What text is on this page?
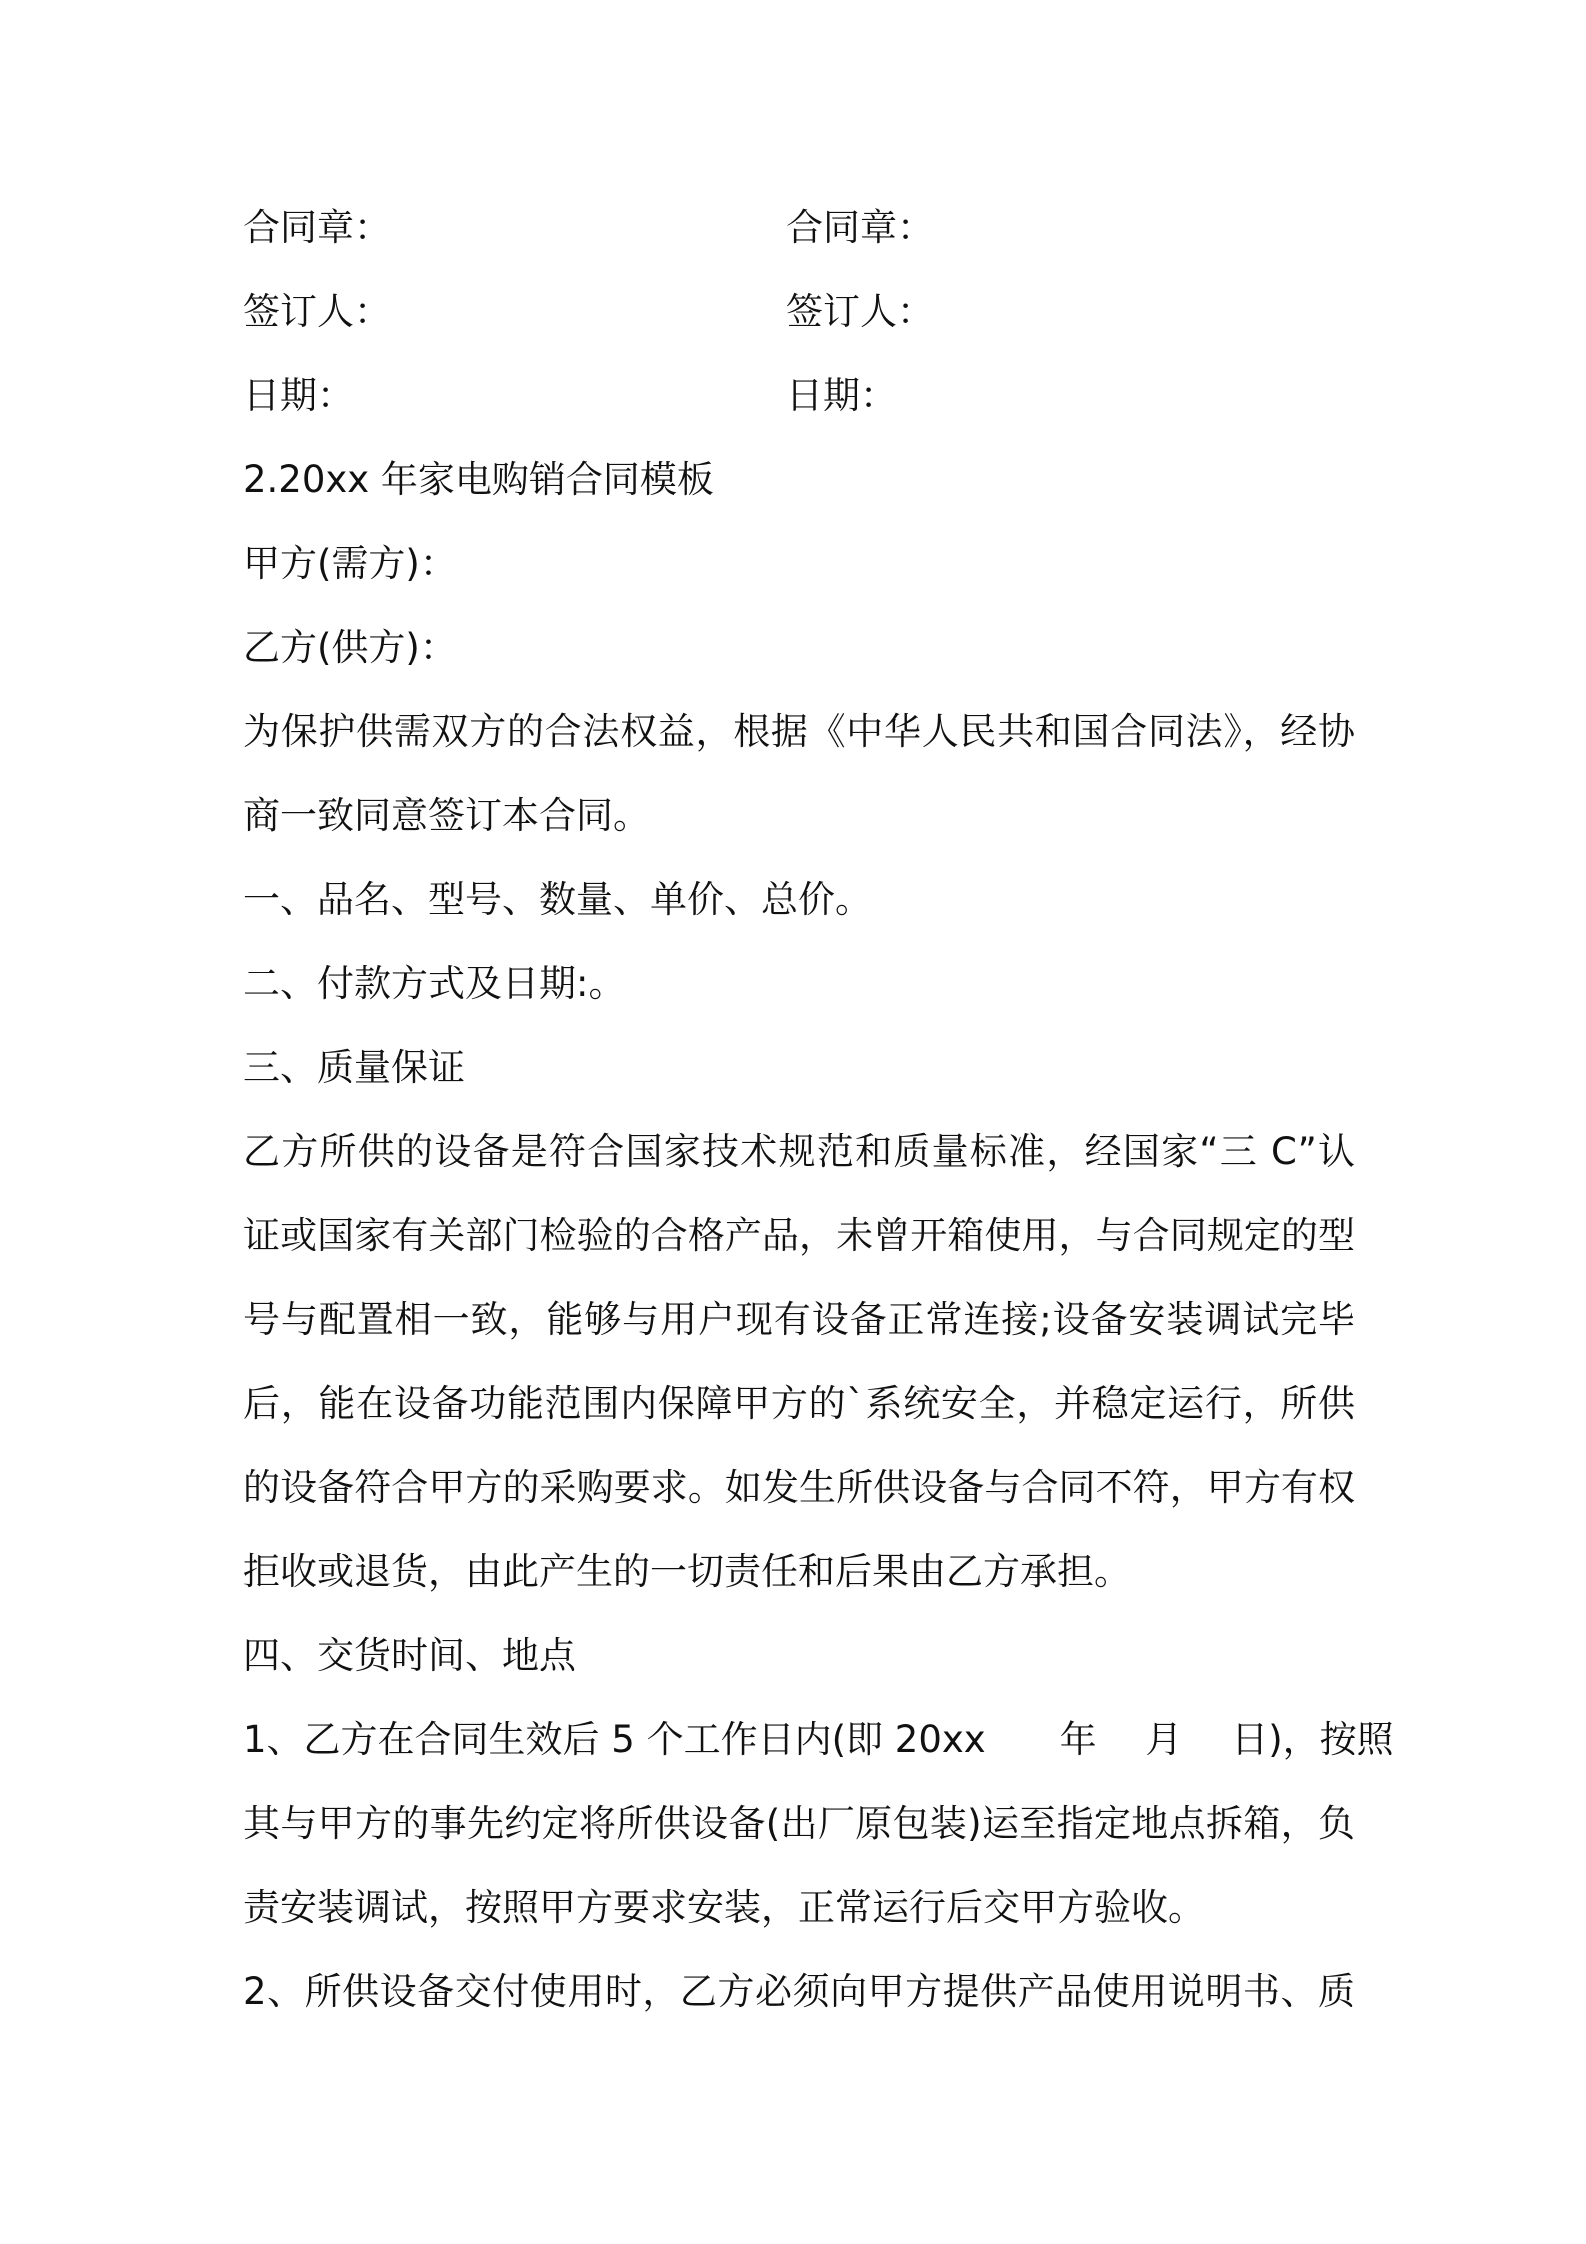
合同章：	合同章：
签订人：	签订人：
日期：	日期：
2.20xx 年家电购销合同模板
甲方(需方)：
乙方(供方)：
为保护供需双方的合法权益，根据《中华人民共和国合同法》，经协
商一致同意签订本合同。
一、品名、型号、数量、单价、总价。
二、付款方式及日期:。
三、质量保证
乙方所供的设备是符合国家技术规范和质量标准，经国家“三 C”认
证或国家有关部门检验的合格产品，未曾开箱使用，与合同规定的型
号与配置相一致，能够与用户现有设备正常连接;设备安装调试完毕
后，能在设备功能范围内保障甲方的`系统安全，并稳定运行，所供
的设备符合甲方的采购要求。如发生所供设备与合同不符，甲方有权
拒收或退货，由此产生的一切责任和后果由乙方承担。
四、交货时间、地点
1、乙方在合同生效后 5 个工作日内(即 20xx　　年　 月　 日)，按照
其与甲方的事先约定将所供设备(出厂原包装)运至指定地点拆箱，负
责安装调试，按照甲方要求安装，正常运行后交甲方验收。
2、所供设备交付使用时，乙方必须向甲方提供产品使用说明书、质
